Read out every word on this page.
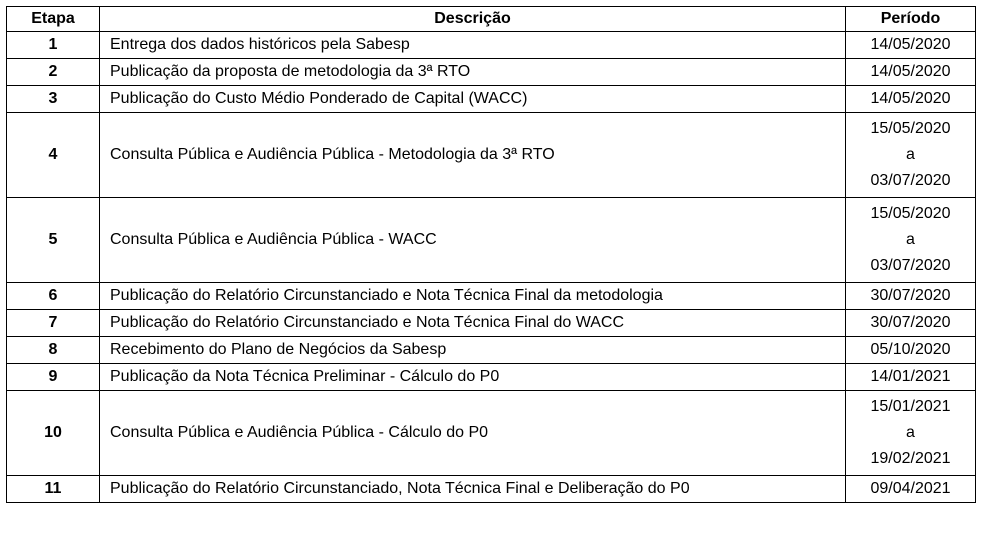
Etapa	Descrição	Período
1	Entrega dos dados históricos pela Sabesp	14/05/2020

2	Publicação da proposta de metodologia da 3ª RTO	14/05/2020

3	Publicação do Custo Médio Ponderado de Capital (WACC)	14/05/2020

4	Consulta Pública e Audiência Pública - Metodologia da 3ª RTO	15/05/2020
a
03/07/2020

5	Consulta Pública e Audiência Pública - WACC	15/05/2020
a
03/07/2020

6	Publicação do Relatório Circunstanciado e Nota Técnica Final da metodologia	30/07/2020

7	Publicação do Relatório Circunstanciado e Nota Técnica Final do WACC	30/07/2020

8	Recebimento do Plano de Negócios da Sabesp	05/10/2020

9	Publicação da Nota Técnica Preliminar - Cálculo do P0	14/01/2021

10	Consulta Pública e Audiência Pública - Cálculo do P0	15/01/2021
a
19/02/2021

11	Publicação do Relatório Circunstanciado, Nota Técnica Final e Deliberação do P0	09/04/2021
